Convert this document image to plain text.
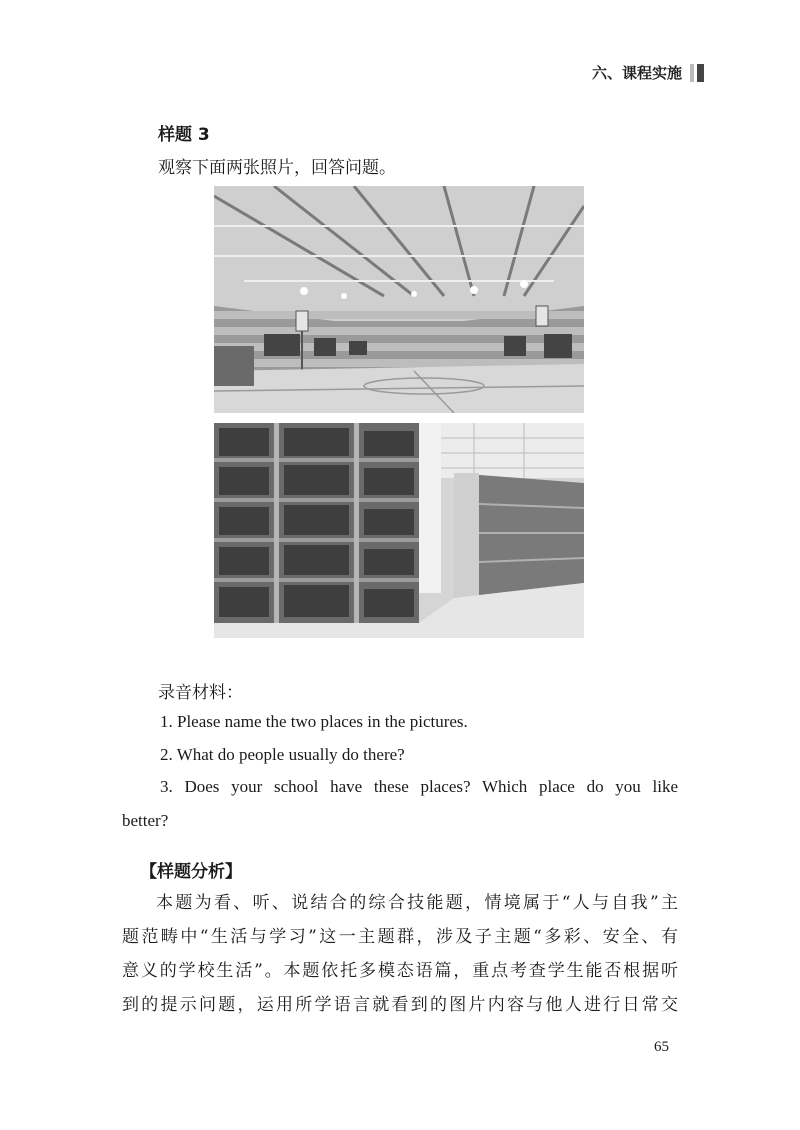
六、课程实施
样题 3
观察下面两张照片，回答问题。
录音材料：
1. Please name the two places in the pictures.
2. What do people usually do there?
3. Does your school have these places? Which place do you like
better?
【样题分析】
本题为看、听、说结合的综合技能题，情境属于“人与自我”主
题范畴中“生活与学习”这一主题群，涉及子主题“多彩、安全、有
意义的学校生活”。本题依托多模态语篇，重点考查学生能否根据听
到的提示问题，运用所学语言就看到的图片内容与他人进行日常交
65
